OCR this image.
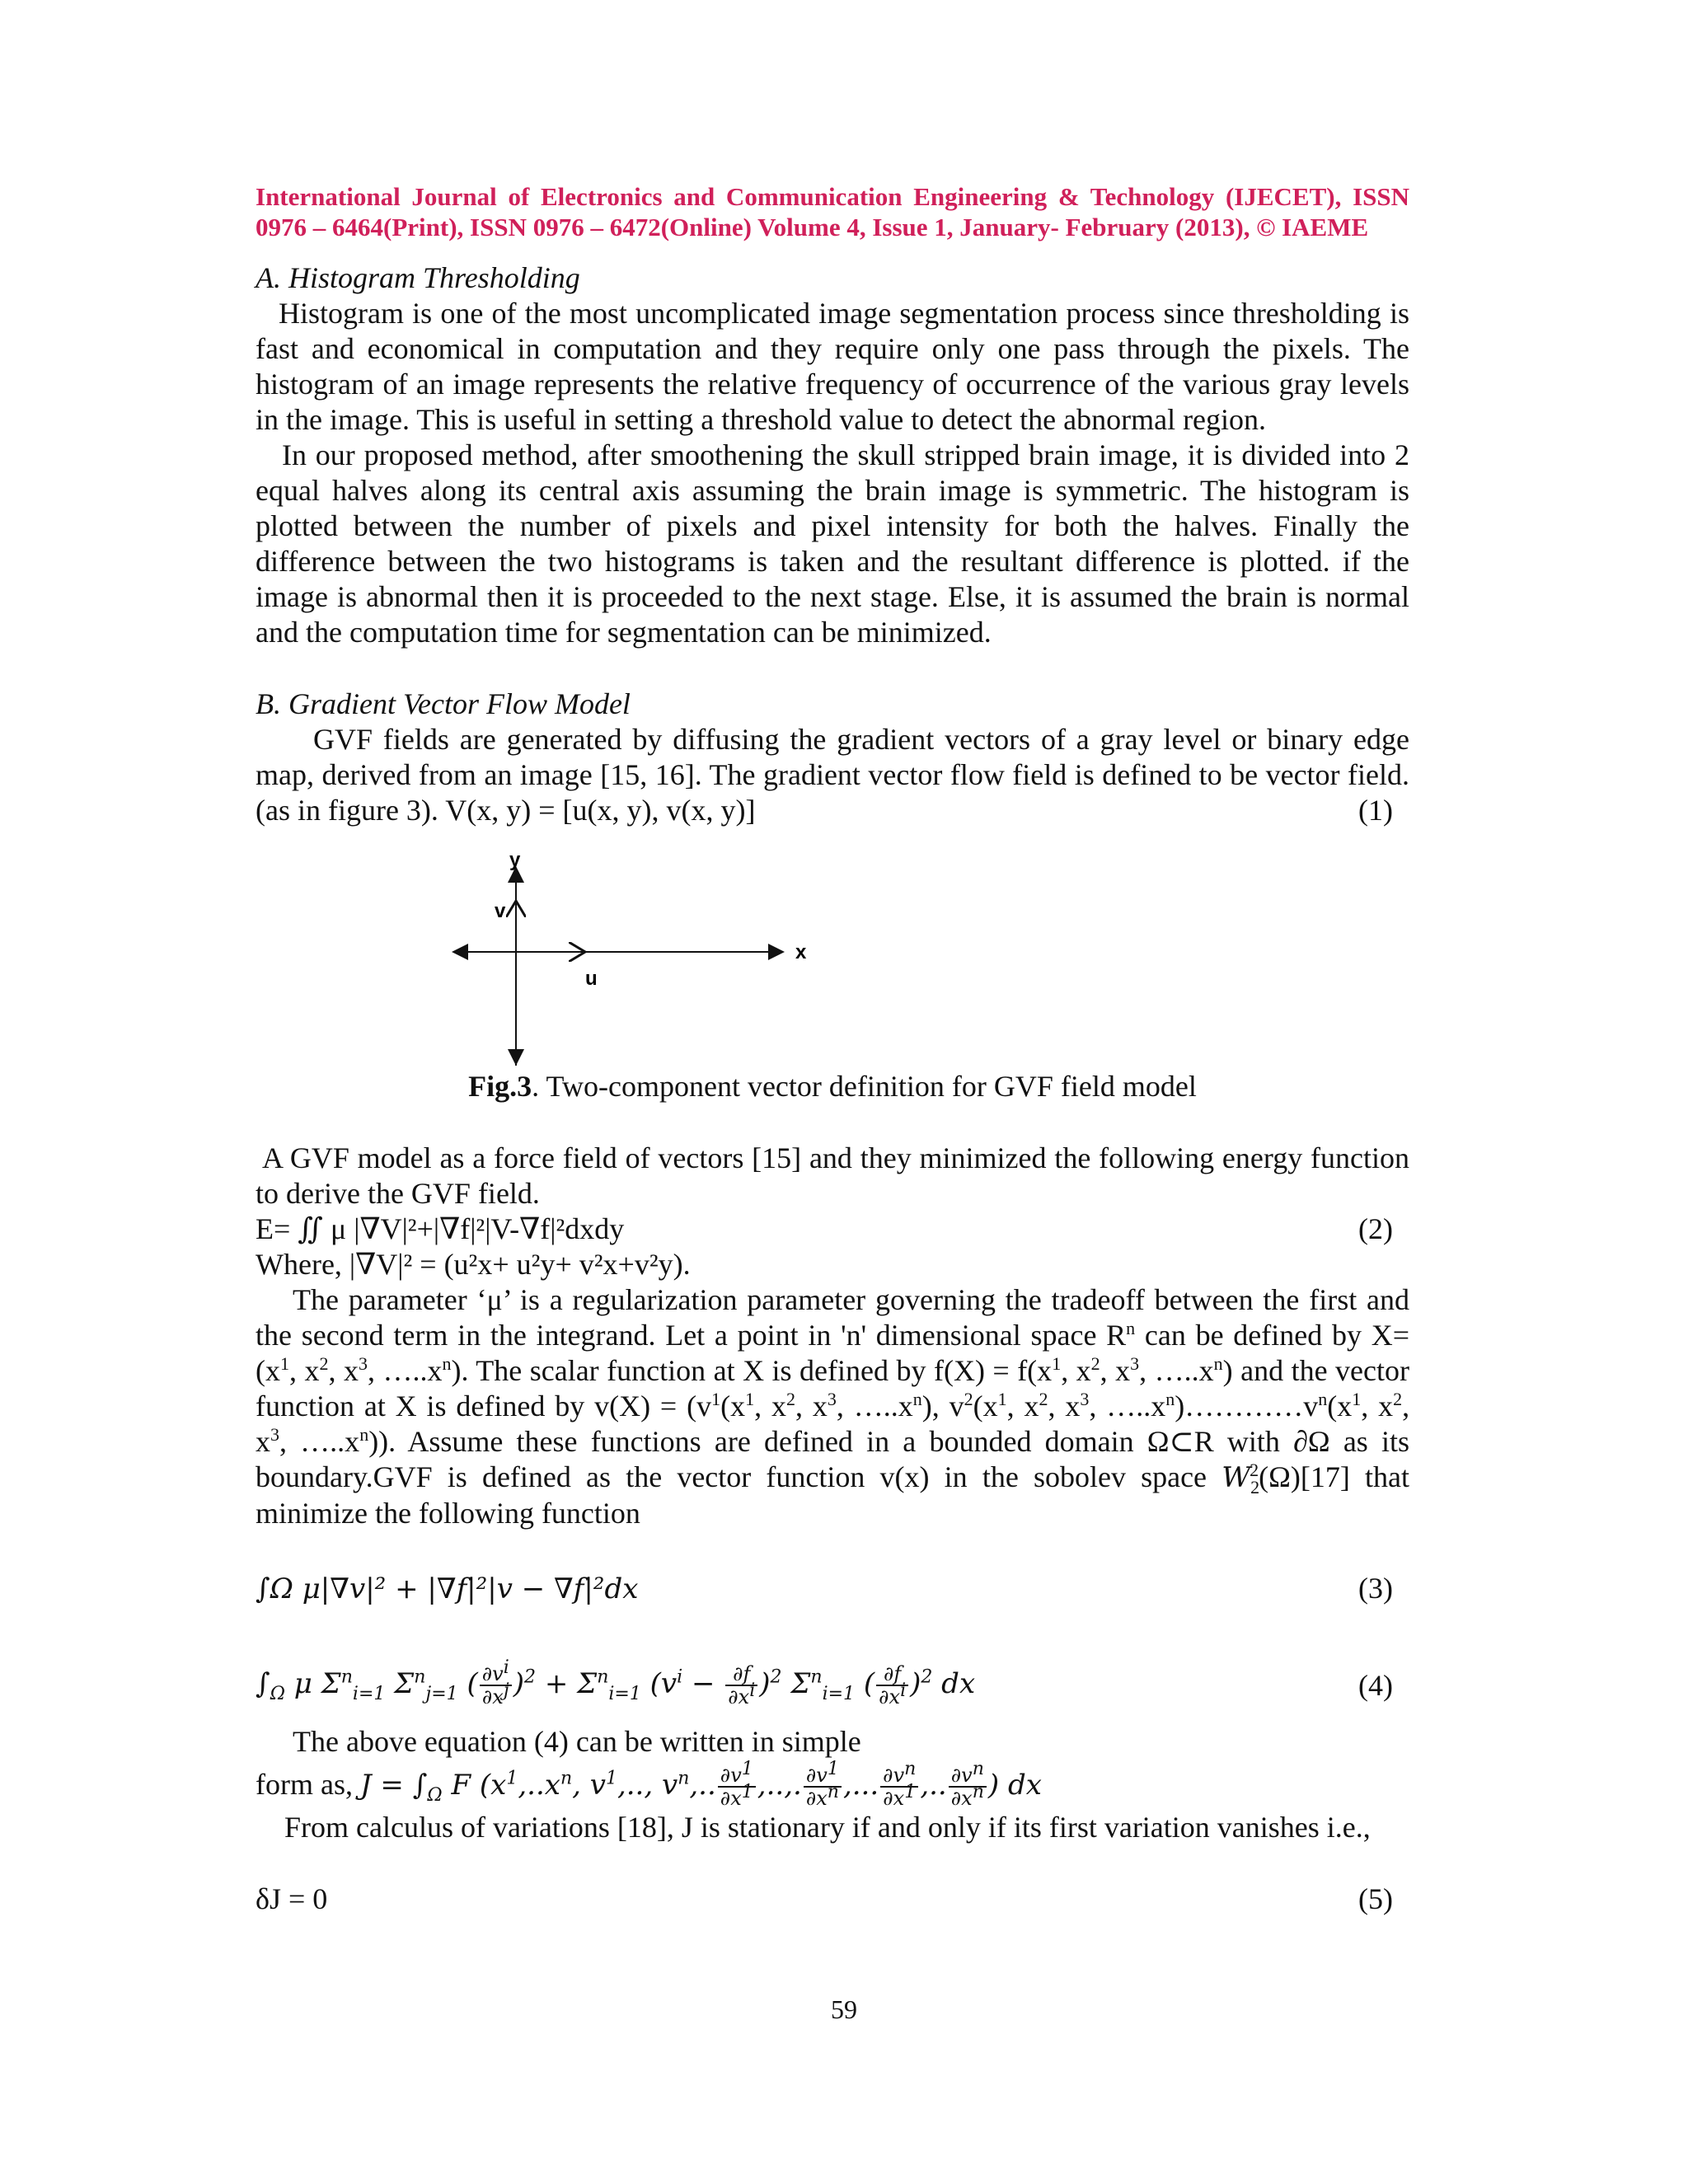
International Journal of Electronics and Communication Engineering & Technology (IJECET), ISSN
0976 – 6464(Print), ISSN 0976 – 6472(Online) Volume 4, Issue 1, January- February (2013), © IAEME
A. Histogram Thresholding

Histogram is one of the most uncomplicated image segmentation process since thresholding is fast and economical in computation and they require only one pass through the pixels. The histogram of an image represents the relative frequency of occurrence of the various gray levels in the image. This is useful in setting a threshold value to detect the abnormal region.

In our proposed method, after smoothening the skull stripped brain image, it is divided into 2 equal halves along its central axis assuming the brain image is symmetric. The histogram is plotted between the number of pixels and pixel intensity for both the halves. Finally the difference between the two histograms is taken and the resultant difference is plotted. if the image is abnormal then it is proceeded to the next stage. Else, it is assumed the brain is normal and the computation time for segmentation can be minimized.

B. Gradient Vector Flow Model

GVF fields are generated by diffusing the gradient vectors of a gray level or binary edge map, derived from an image [15, 16]. The gradient vector flow field is defined to be vector field. (as in figure 3). V(x, y) = [u(x, y), v(x, y)]	(1)
y
v
x
u
Fig.3. Two-component vector definition for GVF field model

A GVF model as a force field of vectors [15] and they minimized the following energy function to derive the GVF field.

E= ∬ μ |∇V|²+|∇f|²|V-∇f|²dxdy	(2)

Where, |∇V|² = (u²x+ u²y+ v²x+v²y).

The parameter ‘μ’ is a regularization parameter governing the tradeoff between the first and the second term in the integrand. Let a point in 'n' dimensional space $R^n$ can be defined by $X=(x^1$, $x^2$, $x^3$, $\dots..x^n$). The scalar function at X is defined by $f(X) = f(x^1$, $x^2$, $x^3$, $\dots..x^n$) and the vector function at X is defined by $v(X) = (v^1(x^1$, $x^2$, $x^3$, $\dots..x^n$), $v^2(x^1$, $x^2$, $x^3$, $\dots..x^n)\dots\dots\dots\dots v^n(x^1$, $x^2$, $x^3$, $\dots..x^n$)). Assume these functions are defined in a bounded domain Ω⊂R with ∂Ω as its boundary.GVF is defined as the vector function v(x) in the sobolev space $W_2^2(\Omega)[17]$ that minimize the following function

∫Ω μ|∇v|² + |∇f|²|v − ∇f|²dx	(3)
$\int_\Omega$ μ $\Sigma^n_{i=1}$ $\Sigma^n_{j=1}$ ( $\frac{\partial v^i}{\partial x^j} )^2 + \Sigma^n_{i=1}$ $(v^i - \frac{\partial f}{\partial x^i} )^2$ $\Sigma^n_{i=1}$ ( $\frac{\partial f}{\partial x^i} )^2$ dx	(4)

The above equation (4) can be written in simple

form as, $J = \int_\Omega$ F ($x^1,..x^n$, $v^1$,.., $v^n$,.. $\frac{\partial v^1}{\partial x^1}$ ,..,. $\frac{\partial v^1}{\partial x^n}$ ,... $\frac{\partial v^n}{\partial x^1}$ ,.. $\frac{\partial v^n}{\partial x^n}$ ) dx

From calculus of variations [18], J is stationary if and only if its first variation vanishes i.e.,

δJ = 0	(5)
59
